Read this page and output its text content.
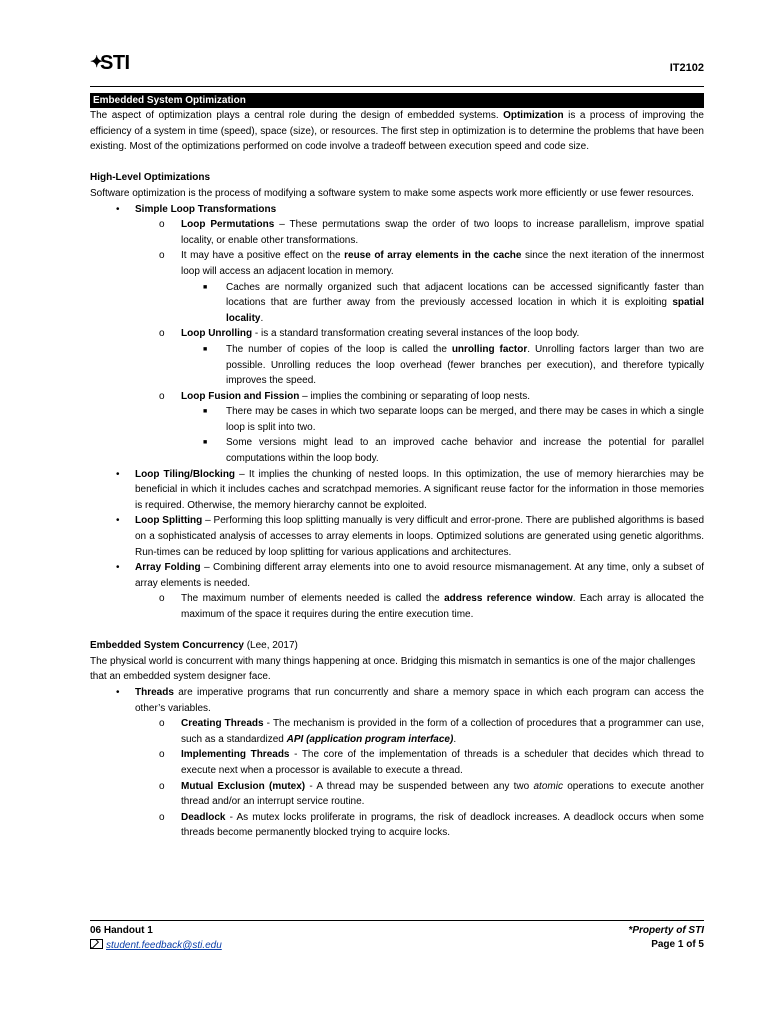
✦STI	IT2102
Embedded System Optimization

The aspect of optimization plays a central role during the design of embedded systems. Optimization is a process of improving the efficiency of a system in time (speed), space (size), or resources. The first step in optimization is to determine the problems that have been existing. Most of the optimizations performed on code involve a tradeoff between execution speed and code size.

High-Level Optimizations

Software optimization is the process of modifying a software system to make some aspects work more efficiently or use fewer resources.

• Simple Loop Transformations
o Loop Permutations – These permutations swap the order of two loops to increase parallelism, improve spatial locality, or enable other transformations.
o It may have a positive effect on the reuse of array elements in the cache since the next iteration of the innermost loop will access an adjacent location in memory.
■ Caches are normally organized such that adjacent locations can be accessed significantly faster than locations that are further away from the previously accessed location in which it is exploiting spatial locality.
o Loop Unrolling - is a standard transformation creating several instances of the loop body.
■ The number of copies of the loop is called the unrolling factor. Unrolling factors larger than two are possible. Unrolling reduces the loop overhead (fewer branches per execution), and therefore typically improves the speed.
o Loop Fusion and Fission – implies the combining or separating of loop nests.
■ There may be cases in which two separate loops can be merged, and there may be cases in which a single loop is split into two.
■ Some versions might lead to an improved cache behavior and increase the potential for parallel computations within the loop body.
• Loop Tiling/Blocking – It implies the chunking of nested loops. In this optimization, the use of memory hierarchies may be beneficial in which it includes caches and scratchpad memories. A significant reuse factor for the information in those memories is required. Otherwise, the memory hierarchy cannot be exploited.
• Loop Splitting – Performing this loop splitting manually is very difficult and error-prone. There are published algorithms is based on a sophisticated analysis of accesses to array elements in loops. Optimized solutions are generated using genetic algorithms. Run-times can be reduced by loop splitting for various applications and architectures.
• Array Folding – Combining different array elements into one to avoid resource mismanagement. At any time, only a subset of array elements is needed.
o The maximum number of elements needed is called the address reference window. Each array is allocated the maximum of the space it requires during the entire execution time.
Embedded System Concurrency (Lee, 2017)

The physical world is concurrent with many things happening at once. Bridging this mismatch in semantics is one of the major challenges that an embedded system designer face.

• Threads are imperative programs that run concurrently and share a memory space in which each program can access the other’s variables.
o Creating Threads - The mechanism is provided in the form of a collection of procedures that a programmer can use, such as a standardized API (application program interface).
o Implementing Threads - The core of the implementation of threads is a scheduler that decides which thread to execute next when a processor is available to execute a thread.
o Mutual Exclusion (mutex) - A thread may be suspended between any two atomic operations to execute another thread and/or an interrupt service routine.
o Deadlock - As mutex locks proliferate in programs, the risk of deadlock increases. A deadlock occurs when some threads become permanently blocked trying to acquire locks.
06 Handout 1
student.feedback@sti.edu
*Property of STI
Page 1 of 5
